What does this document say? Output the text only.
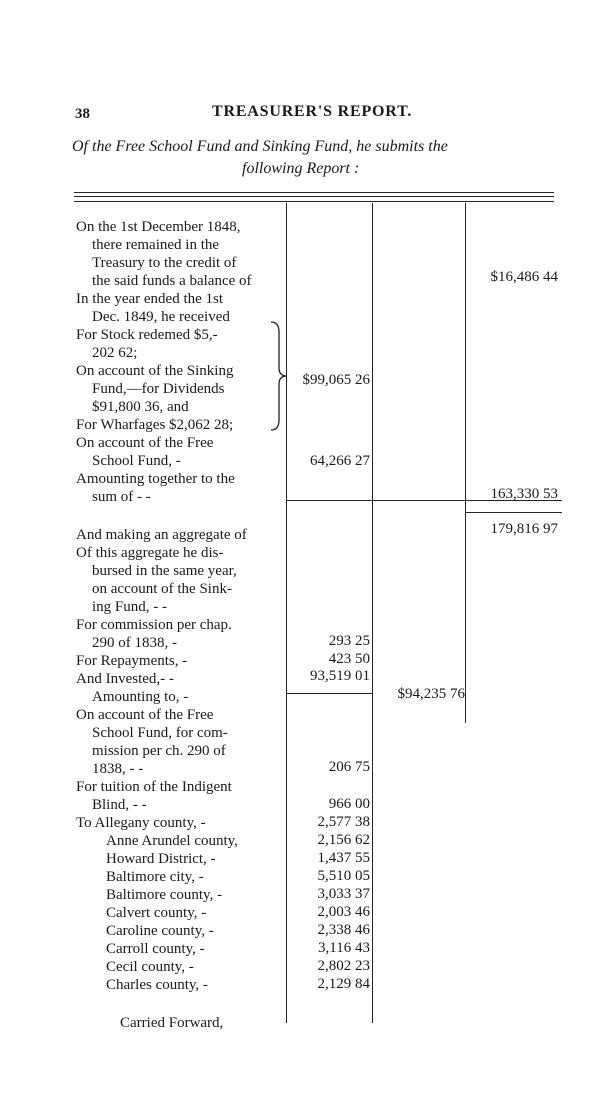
38	TREASURER'S REPORT.
Of the Free School Fund and Sinking Fund, he submits the
following Report :
On the 1st December 1848,
there remained in the
Treasury to the credit of
the said funds a balance of
In the year ended the 1st
Dec. 1849, he received
For Stock redemed $5,-
202 62;
On account of the Sinking
Fund,—for Dividends
$91,800 36, and
For Wharfages $2,062 28;
On account of the Free
School Fund, -
Amounting together to the
sum of - -
And making an aggregate of
Of this aggregate he dis-
bursed in the same year,
on account of the Sink-
ing Fund, - -
For commission per chap.
290 of 1838, -
For Repayments, -
And Invested,- -
Amounting to, -
On account of the Free
School Fund, for com-
mission per ch. 290 of
1838, - -
For tuition of the Indigent
Blind, - -
To Allegany county, -
Anne Arundel county,
Howard District, -
Baltimore city, -
Baltimore county, -
Calvert county, -
Caroline county, -
Carroll county, -
Cecil county, -
Charles county, -
Carried Forward,
$16,486 44
$99,065 26
64,266 27
163,330 53
179,816 97
293 25
423 50
93,519 01
$94,235 76
206 75
966 00
2,577 38
2,156 62
1,437 55
5,510 05
3,033 37
2,003 46
2,338 46
3,116 43
2,802 23
2,129 84
